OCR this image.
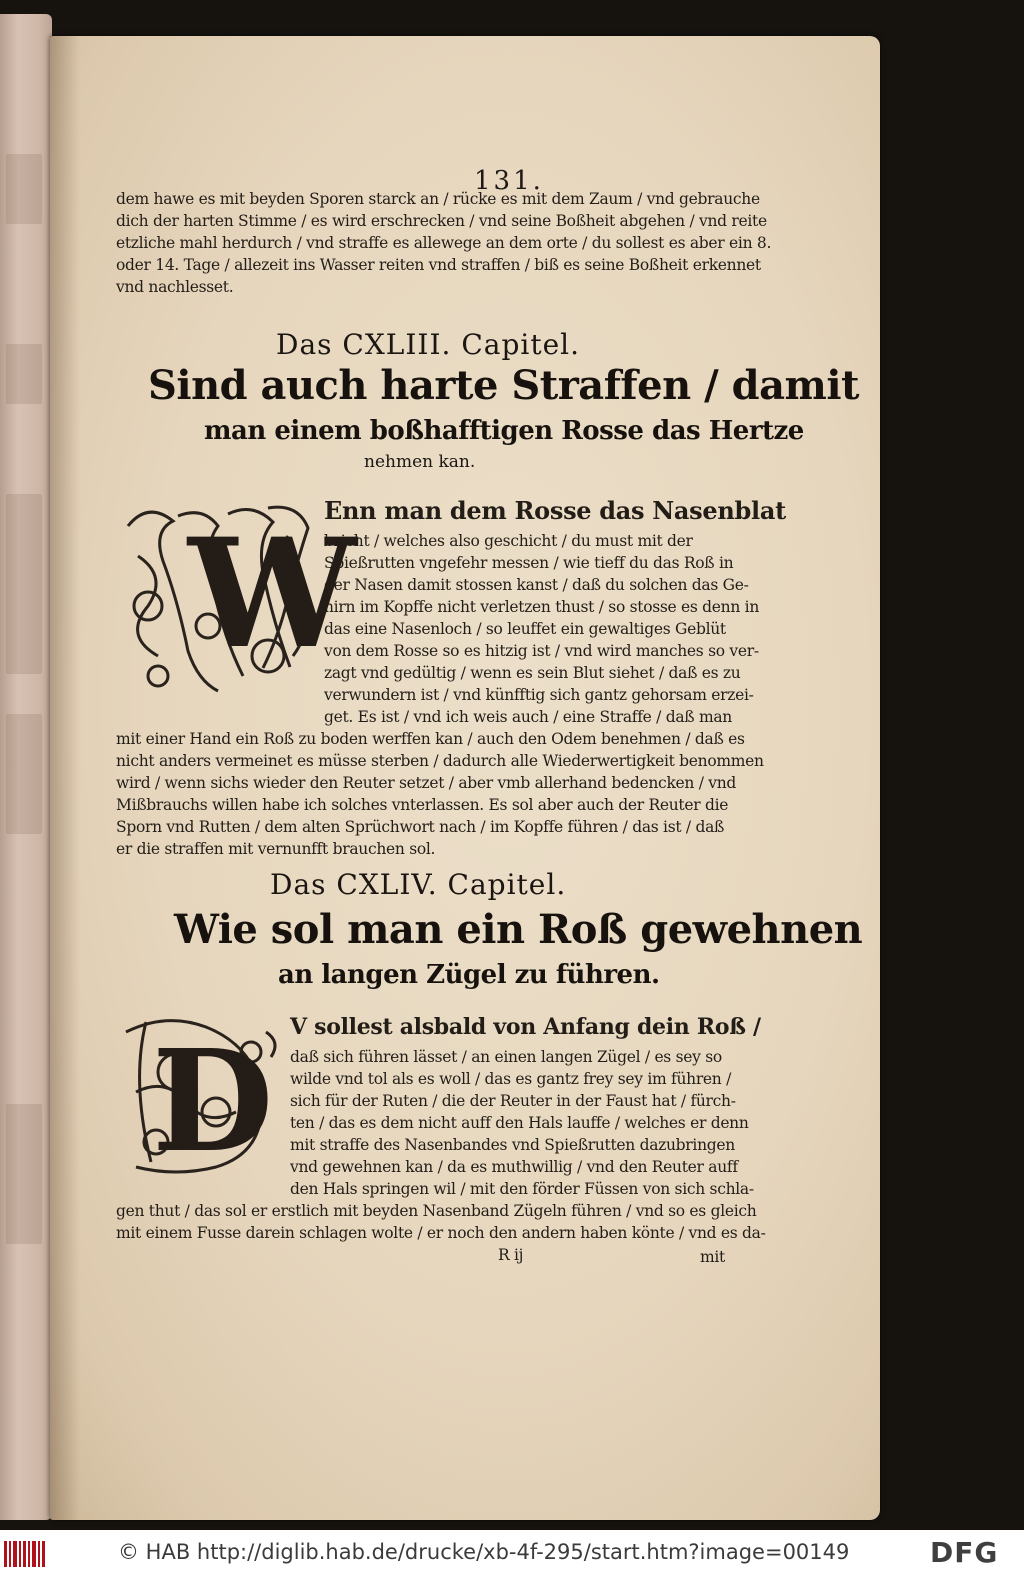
131.
dem hawe es mit beyden Sporen starck an / rücke es mit dem Zaum / vnd gebrauche
dich der harten Stimme / es wird erschrecken / vnd seine Boßheit abgehen / vnd reite
etzliche mahl herdurch / vnd straffe es allewege an dem orte / du sollest es aber ein 8.
oder 14. Tage / allezeit ins Wasser reiten vnd straffen / biß es seine Boßheit erkennet
vnd nachlesset.
Das CXLIII. Capitel.
Sind auch harte Straffen / damit
man einem boßhafftigen Rosse das Hertze
nehmen kan.
W
Enn man dem Rosse das Nasenblat
bricht / welches also geschicht / du must mit der
Spießrutten vngefehr messen / wie tieff du das Roß in
der Nasen damit stossen kanst / daß du solchen das Ge-
hirn im Kopffe nicht verletzen thust / so stosse es denn in
das eine Nasenloch / so leuffet ein gewaltiges Geblüt
von dem Rosse so es hitzig ist / vnd wird manches so ver-
zagt vnd gedültig / wenn es sein Blut siehet / daß es zu
verwundern ist / vnd künfftig sich gantz gehorsam erzei-
get. Es ist / vnd ich weis auch / eine Straffe / daß man
mit einer Hand ein Roß zu boden werffen kan / auch den Odem benehmen / daß es
nicht anders vermeinet es müsse sterben / dadurch alle Wiederwertigkeit benommen
wird / wenn sichs wieder den Reuter setzet / aber vmb allerhand bedencken / vnd
Mißbrauchs willen habe ich solches vnterlassen. Es sol aber auch der Reuter die
Sporn vnd Rutten / dem alten Sprüchwort nach / im Kopffe führen / das ist / daß
er die straffen mit vernunfft brauchen sol.
Das CXLIV. Capitel.
Wie sol man ein Roß gewehnen
an langen Zügel zu führen.
D V sollest alsbald von Anfang dein Roß /
daß sich führen lässet / an einen langen Zügel / es sey so
wilde vnd tol als es woll / das es gantz frey sey im führen /
sich für der Ruten / die der Reuter in der Faust hat / fürch-
ten / das es dem nicht auff den Hals lauffe / welches er denn
mit straffe des Nasenbandes vnd Spießrutten dazubringen
vnd gewehnen kan / da es muthwillig / vnd den Reuter auff
den Hals springen wil / mit den förder Füssen von sich schla-
gen thut / das sol er erstlich mit beyden Nasenband Zügeln führen / vnd so es gleich
mit einem Fusse darein schlagen wolte / er noch den andern haben könte / vnd es da-
R ij	mit
© HAB http://diglib.hab.de/drucke/xb-4f-295/start.htm?image=00149	DFG
